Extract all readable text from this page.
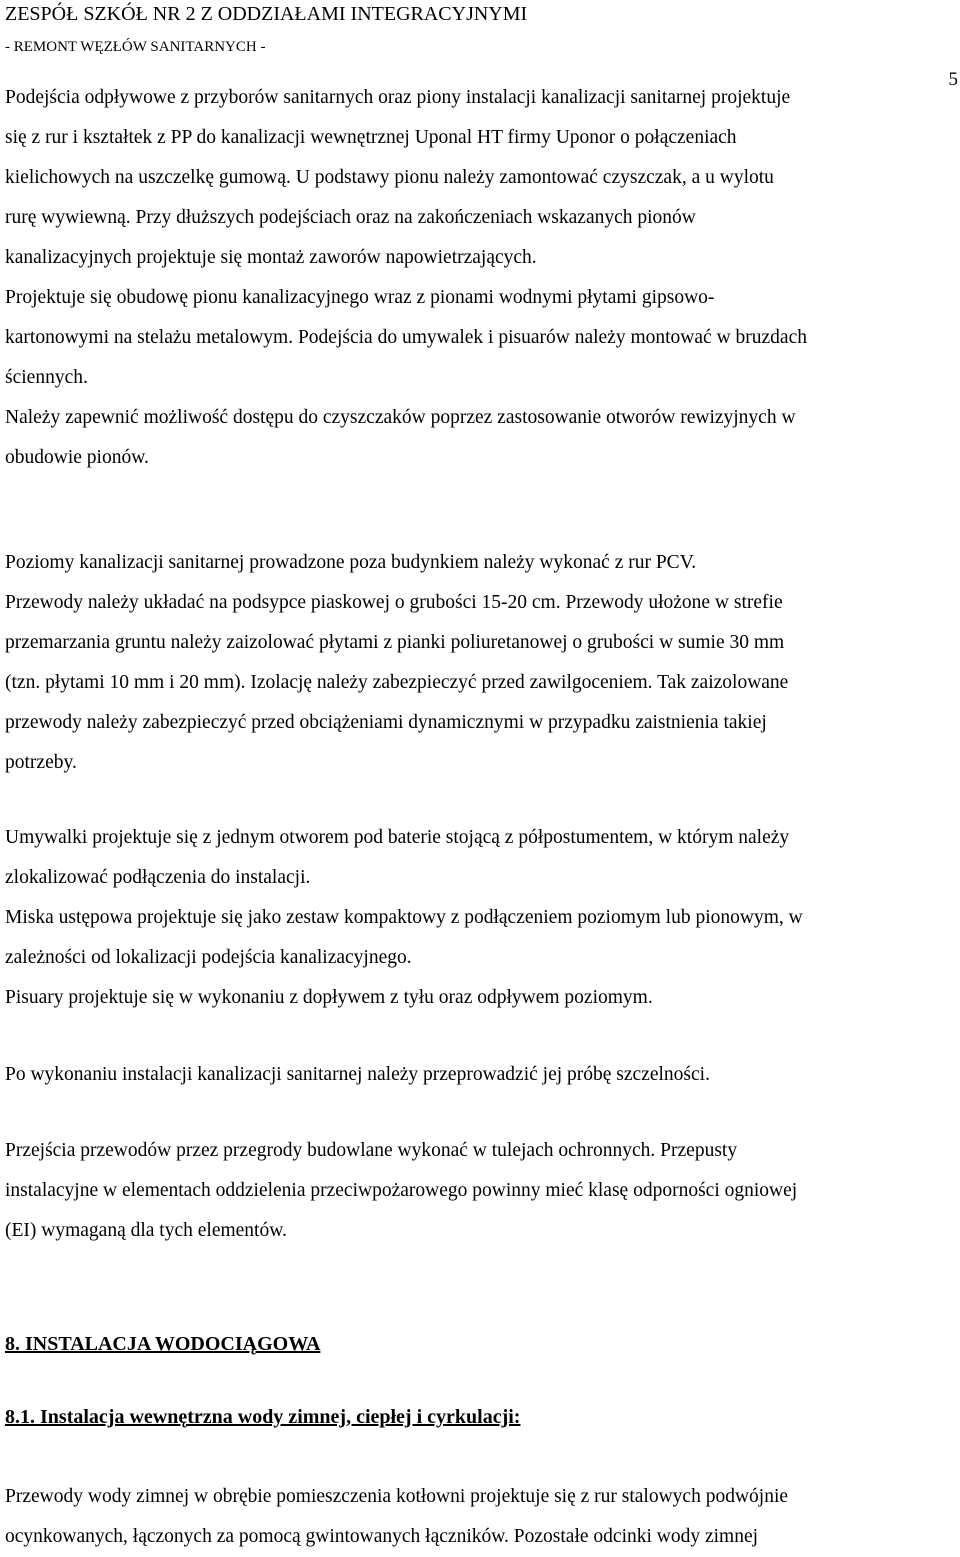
ZESPÓŁ SZKÓŁ NR 2 Z ODDZIAŁAMI INTEGRACYJNYMI
- REMONT WĘZŁÓW SANITARNYCH -
5

Podejścia odpływowe z przyborów sanitarnych oraz piony instalacji kanalizacji sanitarnej projektuje
się z rur i kształtek z PP do kanalizacji wewnętrznej Uponal HT firmy Uponor o połączeniach
kielichowych na uszczelkę gumową. U podstawy pionu należy zamontować czyszczak, a u wylotu
rurę wywiewną. Przy dłuższych podejściach oraz na zakończeniach wskazanych pionów
kanalizacyjnych projektuje się montaż zaworów napowietrzających.
Projektuje się obudowę pionu kanalizacyjnego wraz z pionami wodnymi płytami gipsowo-
kartonowymi na stelażu metalowym. Podejścia do umywalek i pisuarów należy montować w bruzdach
ściennych.
Należy zapewnić możliwość dostępu do czyszczaków poprzez zastosowanie otworów rewizyjnych w
obudowie pionów.

Poziomy kanalizacji sanitarnej prowadzone poza budynkiem należy wykonać z rur PCV.
Przewody należy układać na podsypce piaskowej o grubości 15-20 cm. Przewody ułożone w strefie
przemarzania gruntu należy zaizolować płytami z pianki poliuretanowej o grubości w sumie 30 mm
(tzn. płytami 10 mm i 20 mm). Izolację należy zabezpieczyć przed zawilgoceniem. Tak zaizolowane
przewody należy zabezpieczyć przed obciążeniami dynamicznymi w przypadku zaistnienia takiej
potrzeby.

Umywalki projektuje się z jednym otworem pod baterie stojącą z półpostumentem, w którym należy
zlokalizować podłączenia do instalacji.
Miska ustępowa projektuje się jako zestaw kompaktowy z podłączeniem poziomym lub pionowym, w
zależności od lokalizacji podejścia kanalizacyjnego.
Pisuary projektuje się w wykonaniu z dopływem z tyłu oraz odpływem poziomym.

Po wykonaniu instalacji kanalizacji sanitarnej należy przeprowadzić jej próbę szczelności.

Przejścia przewodów przez przegrody budowlane wykonać w tulejach ochronnych. Przepusty
instalacyjne w elementach oddzielenia przeciwpożarowego powinny mieć klasę odporności ogniowej
(EI) wymaganą dla tych elementów.

8. INSTALACJA WODOCIĄGOWA
8.1. Instalacja wewnętrzna wody zimnej, ciepłej i cyrkulacji:

Przewody wody zimnej w obrębie pomieszczenia kotłowni projektuje się z rur stalowych podwójnie
ocynkowanych, łączonych za pomocą gwintowanych łączników. Pozostałe odcinki wody zimnej
